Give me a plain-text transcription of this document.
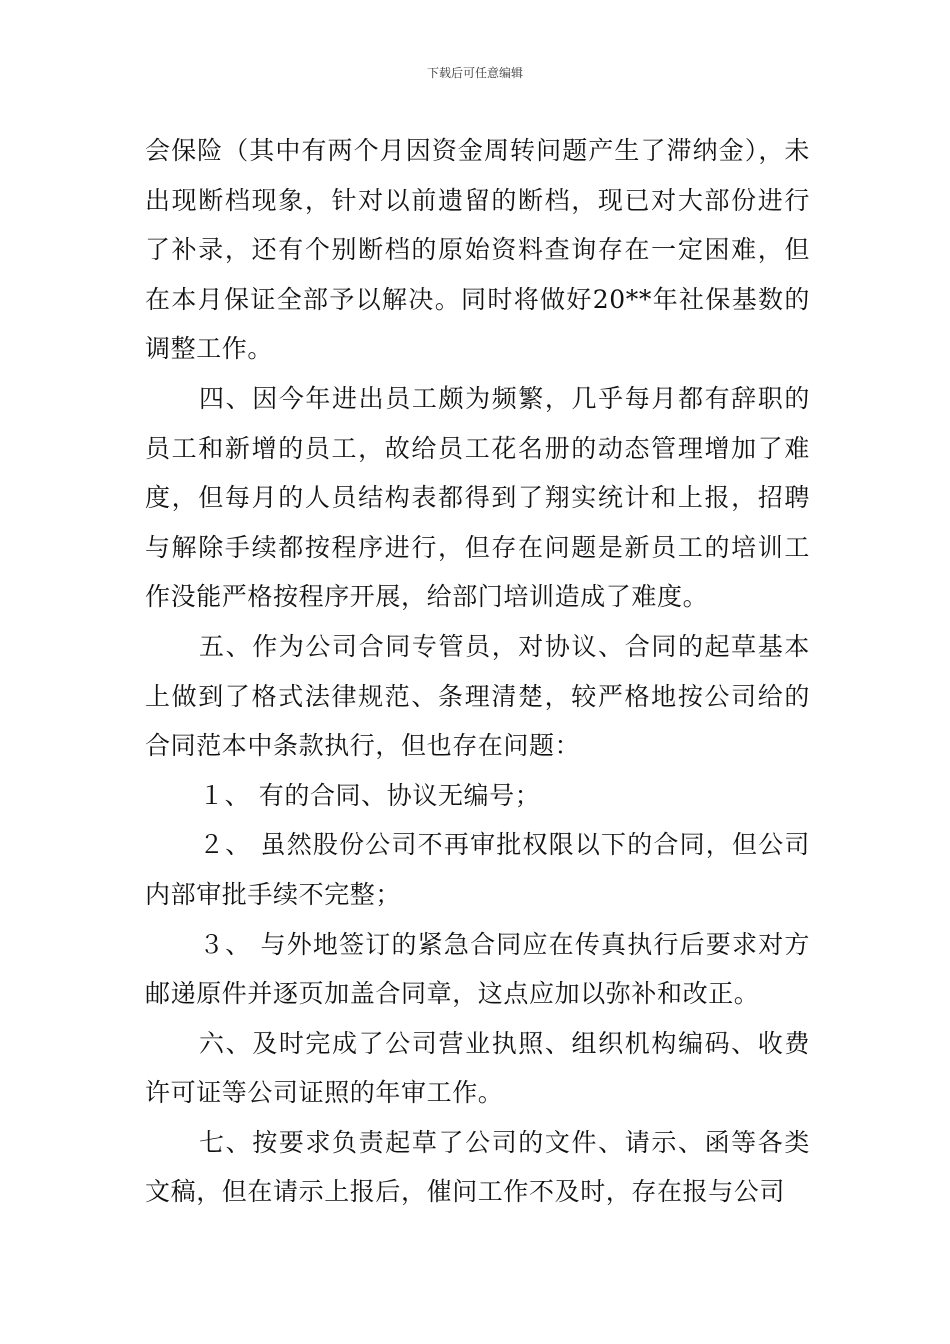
下载后可任意编辑

会保险（其中有两个月因资金周转问题产生了滞纳金），未出现断档现象，针对以前遗留的断档，现已对大部份进行了补录，还有个别断档的原始资料查询存在一定困难，但在本月保证全部予以解决。同时将做好20**年社保基数的调整工作。

四、因今年进出员工颇为频繁，几乎每月都有辞职的员工和新增的员工，故给员工花名册的动态管理增加了难度，但每月的人员结构表都得到了翔实统计和上报，招聘与解除手续都按程序进行，但存在问题是新员工的培训工作没能严格按程序开展，给部门培训造成了难度。

五、作为公司合同专管员，对协议、合同的起草基本上做到了格式法律规范、条理清楚，较严格地按公司给的合同范本中条款执行，但也存在问题：

１、 有的合同、协议无编号；

２、 虽然股份公司不再审批权限以下的合同，但公司内部审批手续不完整；

３、 与外地签订的紧急合同应在传真执行后要求对方邮递原件并逐页加盖合同章，这点应加以弥补和改正。

六、及时完成了公司营业执照、组织机构编码、收费许可证等公司证照的年审工作。

七、按要求负责起草了公司的文件、请示、函等各类文稿，但在请示上报后，催问工作不及时，存在报与公司
